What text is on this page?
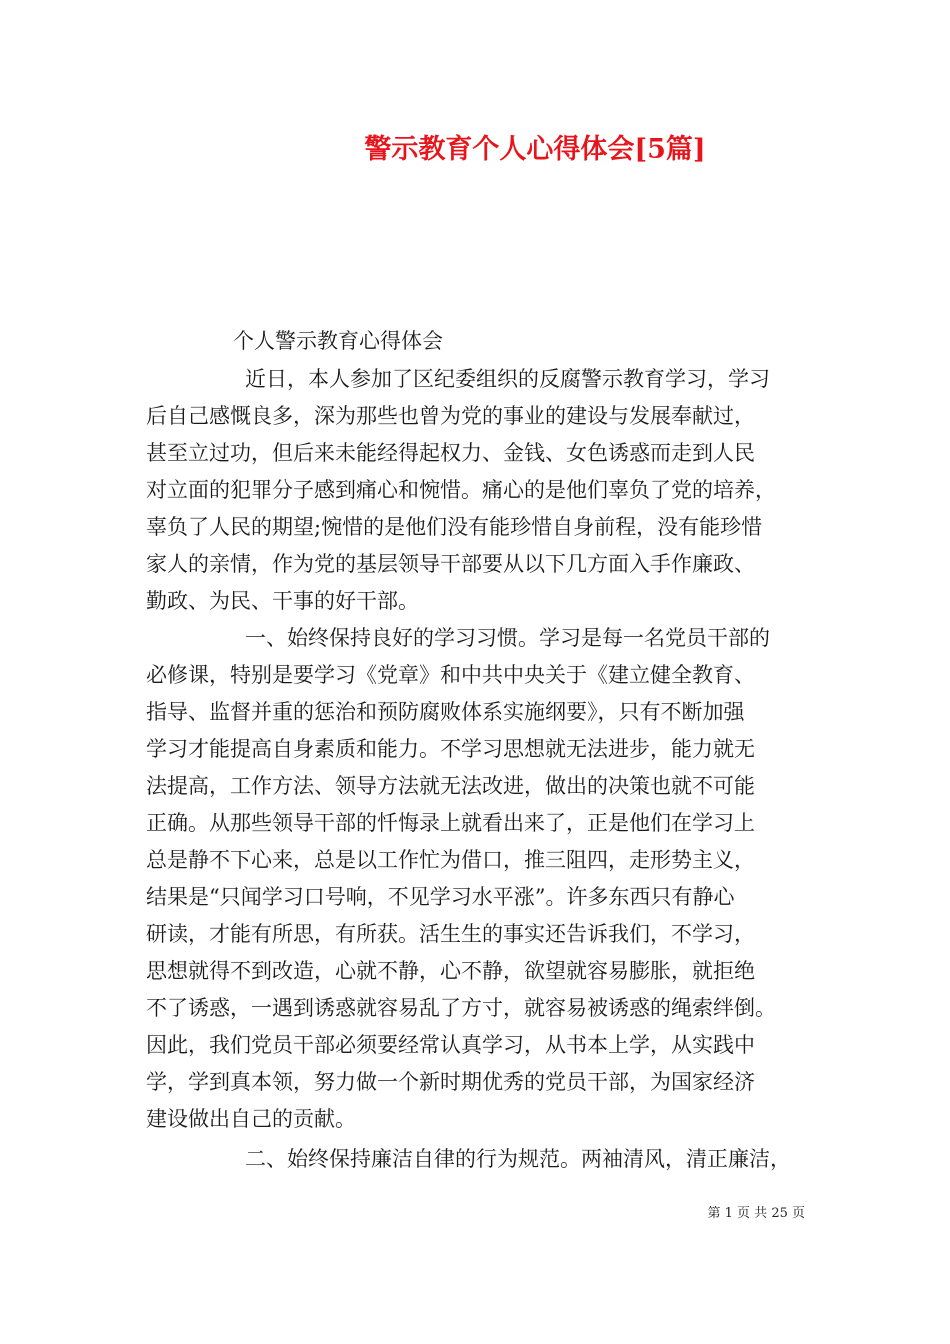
警示教育个人心得体会[5篇]
个人警示教育心得体会
近日，本人参加了区纪委组织的反腐警示教育学习，学习
后自己感慨良多，深为那些也曾为党的事业的建设与发展奉献过，
甚至立过功，但后来未能经得起权力、金钱、女色诱惑而走到人民
对立面的犯罪分子感到痛心和惋惜。痛心的是他们辜负了党的培养，
辜负了人民的期望;惋惜的是他们没有能珍惜自身前程，没有能珍惜
家人的亲情，作为党的基层领导干部要从以下几方面入手作廉政、
勤政、为民、干事的好干部。
一、始终保持良好的学习习惯。学习是每一名党员干部的
必修课，特别是要学习《党章》和中共中央关于《建立健全教育、
指导、监督并重的惩治和预防腐败体系实施纲要》，只有不断加强
学习才能提高自身素质和能力。不学习思想就无法进步，能力就无
法提高，工作方法、领导方法就无法改进，做出的决策也就不可能
正确。从那些领导干部的忏悔录上就看出来了，正是他们在学习上
总是静不下心来，总是以工作忙为借口，推三阻四，走形势主义，
结果是“只闻学习口号响，不见学习水平涨”。许多东西只有静心
研读，才能有所思，有所获。活生生的事实还告诉我们，不学习，
思想就得不到改造，心就不静，心不静，欲望就容易膨胀，就拒绝
不了诱惑，一遇到诱惑就容易乱了方寸，就容易被诱惑的绳索绊倒。
因此，我们党员干部必须要经常认真学习，从书本上学，从实践中
学，学到真本领，努力做一个新时期优秀的党员干部，为国家经济
建设做出自己的贡献。
二、始终保持廉洁自律的行为规范。两袖清风，清正廉洁，
第 1 页 共 25 页
